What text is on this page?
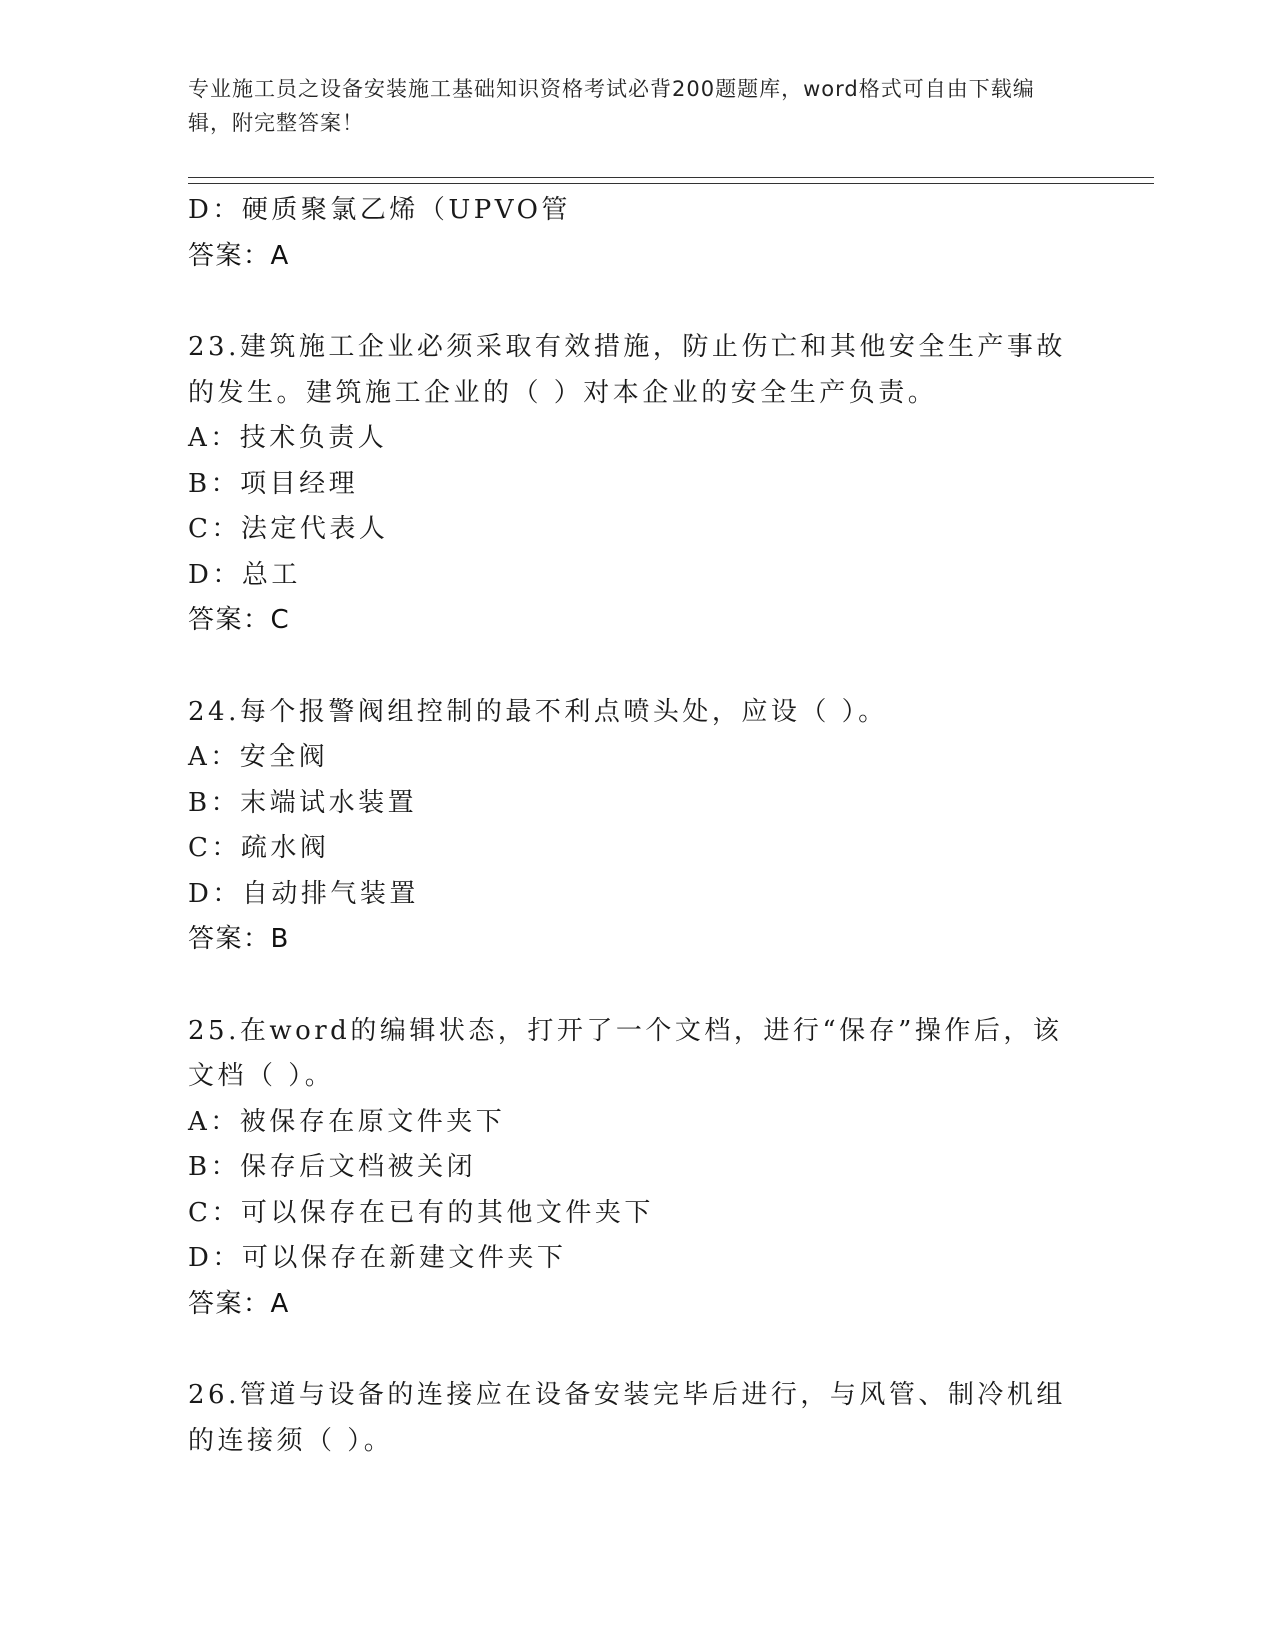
专业施工员之设备安装施工基础知识资格考试必背200题题库，word格式可自由下载编辑，附完整答案！
D：硬质聚氯乙烯（UPVO管
答案：A
23.建筑施工企业必须采取有效措施，防止伤亡和其他安全生产事故的发生。建筑施工企业的（ ）对本企业的安全生产负责。
A：技术负责人
B：项目经理
C：法定代表人
D：总工
答案：C
24.每个报警阀组控制的最不利点喷头处，应设（ ）。
A：安全阀
B：末端试水装置
C：疏水阀
D：自动排气装置
答案：B
25.在word的编辑状态，打开了一个文档，进行“保存”操作后，该文档（ ）。
A：被保存在原文件夹下
B：保存后文档被关闭
C：可以保存在已有的其他文件夹下
D：可以保存在新建文件夹下
答案：A
26.管道与设备的连接应在设备安装完毕后进行，与风管、制冷机组的连接须（ ）。
